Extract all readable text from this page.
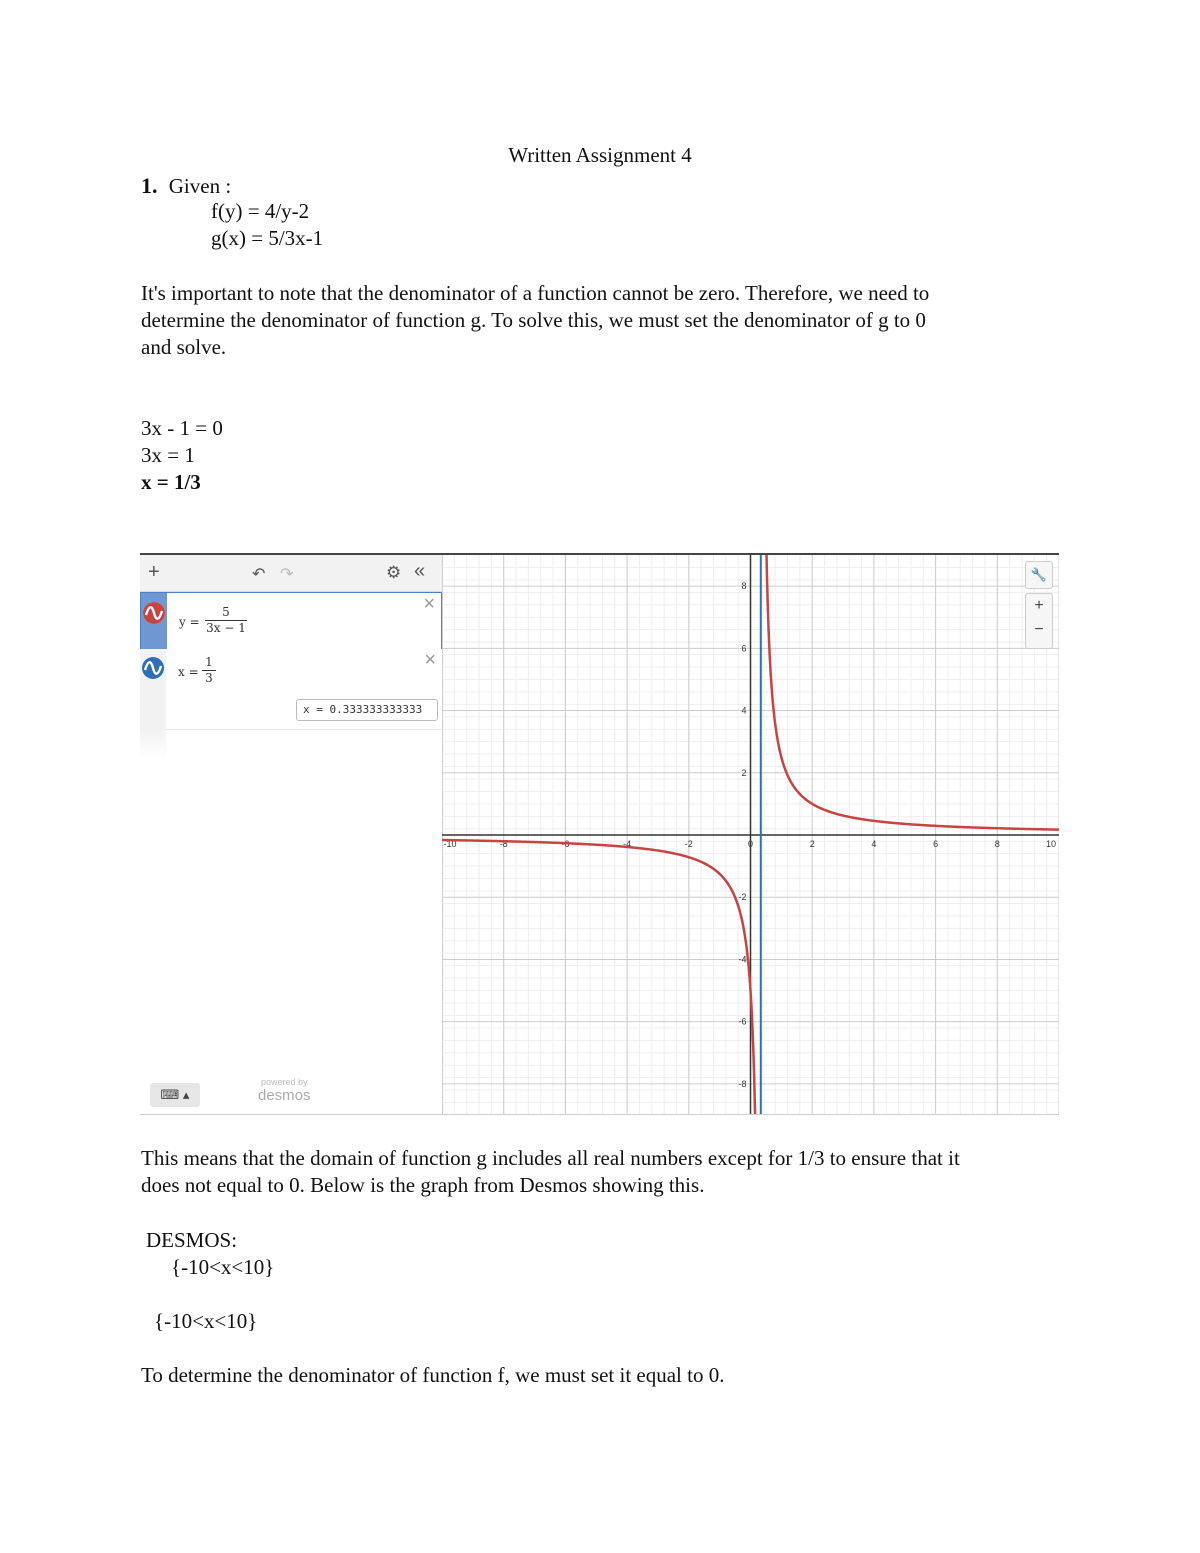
Written Assignment 4
1. Given :
f(y) = 4/y-2
g(x) = 5/3x-1
It's important to note that the denominator of a function cannot be zero. Therefore, we need to
determine the denominator of function g. To solve this, we must set the denominator of g to 0
and solve.
3x - 1 = 0
3x = 1
x = 1/3
+	↶ ↷	⚙ «
$y = \frac{5}{3x - 1}$
×
$x = \frac{1}{3}$	×
x = 0.333333333333
⌨ ▴
powered by
desmos
-10	-8	-6	-4	-2	0	2	4	6	8	10
-8
-6
-4
-2
2
4
6
8
🔧
+
−
This means that the domain of function g includes all real numbers except for 1/3 to ensure that it
does not equal to 0. Below is the graph from Desmos showing this.
DESMOS:
{-10<x<10}
{-10<x<10}
To determine the denominator of function f, we must set it equal to 0.
